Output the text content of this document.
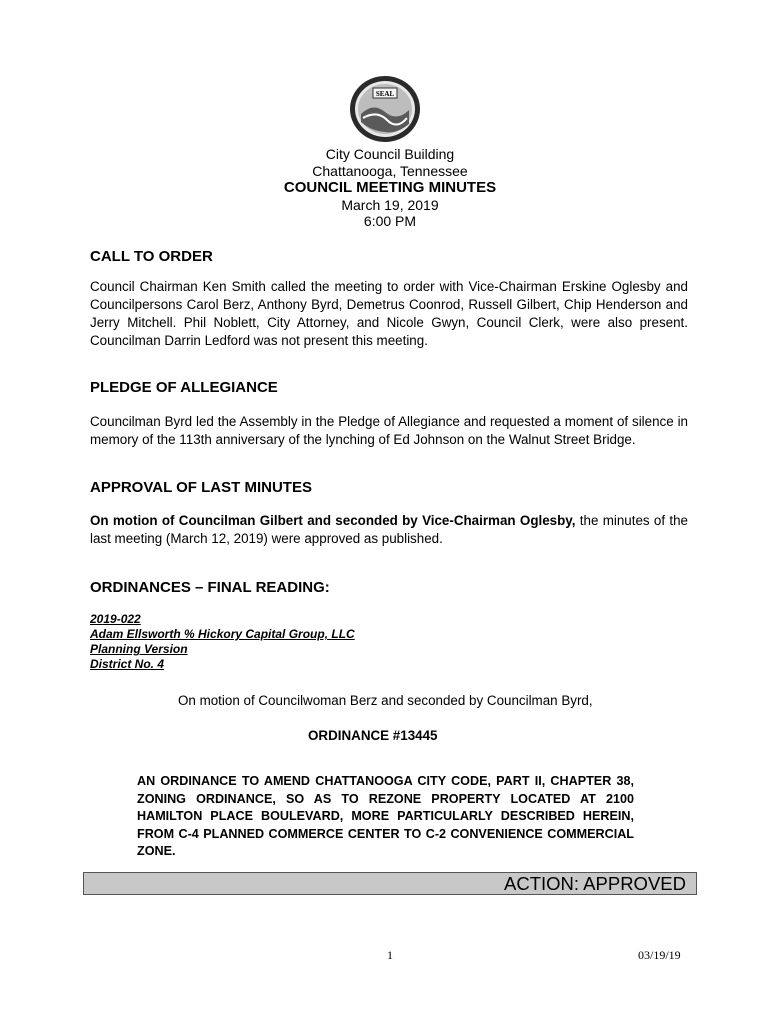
SEAL
City Council Building
Chattanooga, Tennessee
COUNCIL MEETING MINUTES
March 19, 2019
6:00 PM
CALL TO ORDER
Council Chairman Ken Smith called the meeting to order with Vice-Chairman Erskine Oglesby and Councilpersons Carol Berz, Anthony Byrd, Demetrus Coonrod, Russell Gilbert, Chip Henderson and Jerry Mitchell. Phil Noblett, City Attorney, and Nicole Gwyn, Council Clerk, were also present. Councilman Darrin Ledford was not present this meeting.
PLEDGE OF ALLEGIANCE
Councilman Byrd led the Assembly in the Pledge of Allegiance and requested a moment of silence in memory of the 113th anniversary of the lynching of Ed Johnson on the Walnut Street Bridge.
APPROVAL OF LAST MINUTES
On motion of Councilman Gilbert and seconded by Vice-Chairman Oglesby, the minutes of the last meeting (March 12, 2019) were approved as published.
ORDINANCES – FINAL READING:
2019-022
Adam Ellsworth % Hickory Capital Group, LLC
Planning Version
District No. 4
On motion of Councilwoman Berz and seconded by Councilman Byrd,
ORDINANCE #13445
AN ORDINANCE TO AMEND CHATTANOOGA CITY CODE, PART II, CHAPTER 38, ZONING ORDINANCE, SO AS TO REZONE PROPERTY LOCATED AT 2100 HAMILTON PLACE BOULEVARD, MORE PARTICULARLY DESCRIBED HEREIN, FROM C-4 PLANNED COMMERCE CENTER TO C-2 CONVENIENCE COMMERCIAL ZONE.
ACTION: APPROVED
1	03/19/19
